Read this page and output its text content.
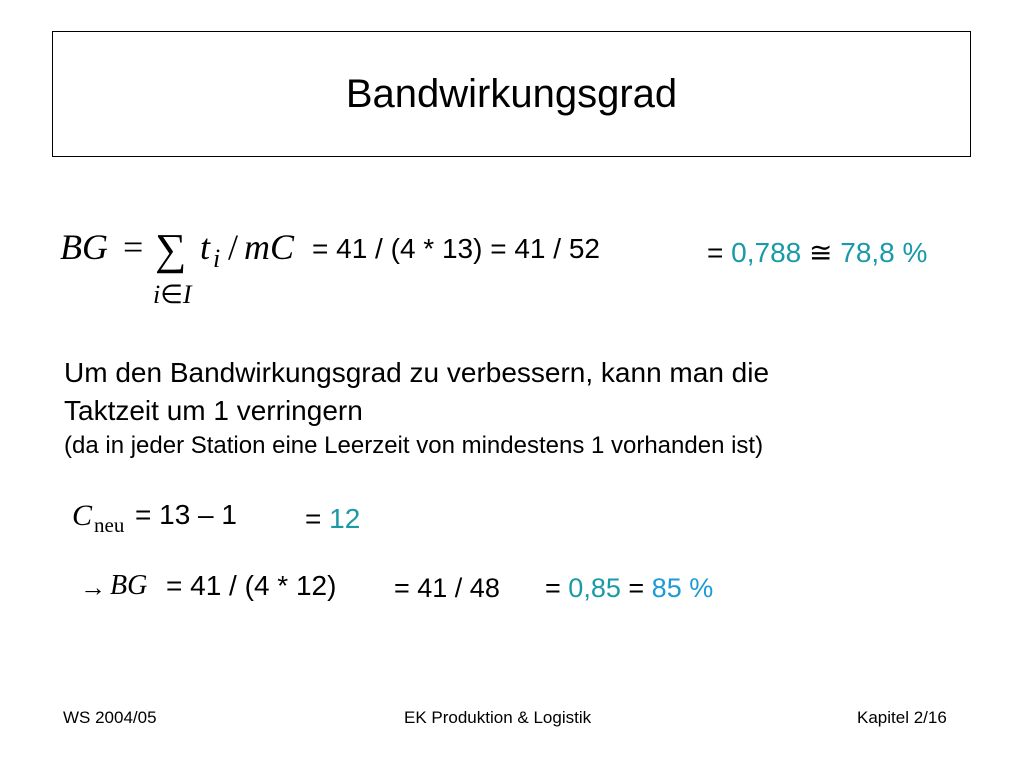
Bandwirkungsgrad
BG = ∑ t i / mC
i∈I
= 41 / (4 * 13) = 41 / 52	= 0,788 ≅ 78,8 %
Um den Bandwirkungsgrad zu verbessern, kann man die
Taktzeit um 1 verringern
(da in jeder Station eine Leerzeit von mindestens 1 vorhanden ist)
C neu = 13 – 1 = 12
→ BG = 41 / (4 * 12) = 41 / 48 = 0,85 = 85 %
WS 2004/05	EK Produktion & Logistik	Kapitel 2/16
